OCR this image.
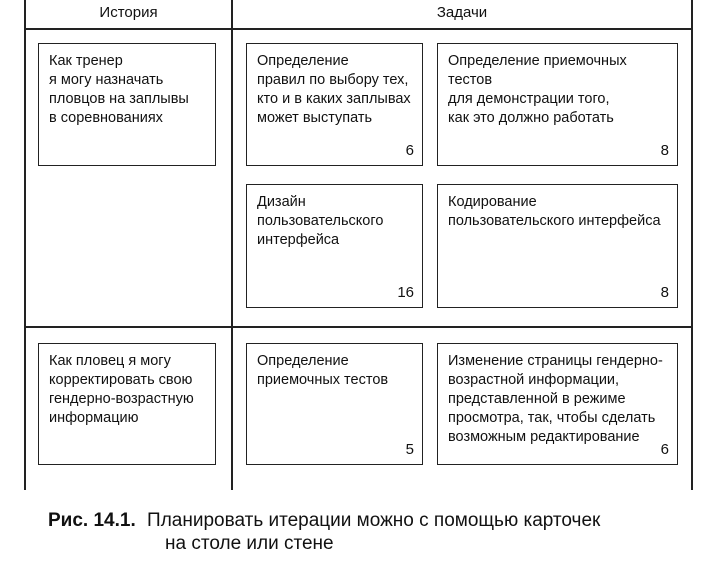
История	Задачи
Как тренер
я могу назначать
пловцов на заплывы
в соревнованиях
Определение
правил по выбору тех,
кто и в каких заплывах
может выступать
6
Определение приемочных тестов
для демонстрации того,
как это должно работать
8
Дизайн
пользовательского
интерфейса
16
Кодирование
пользовательского интерфейса
8
Как пловец я могу
корректировать свою
гендерно-возрастную
информацию
Определение
приемочных тестов
5
Изменение страницы гендерно-
возрастной информации,
представленной в режиме
просмотра, так, чтобы сделать
возможным редактирование
6
Рис. 14.1. Планировать итерации можно с помощью карточек
на столе или стене
